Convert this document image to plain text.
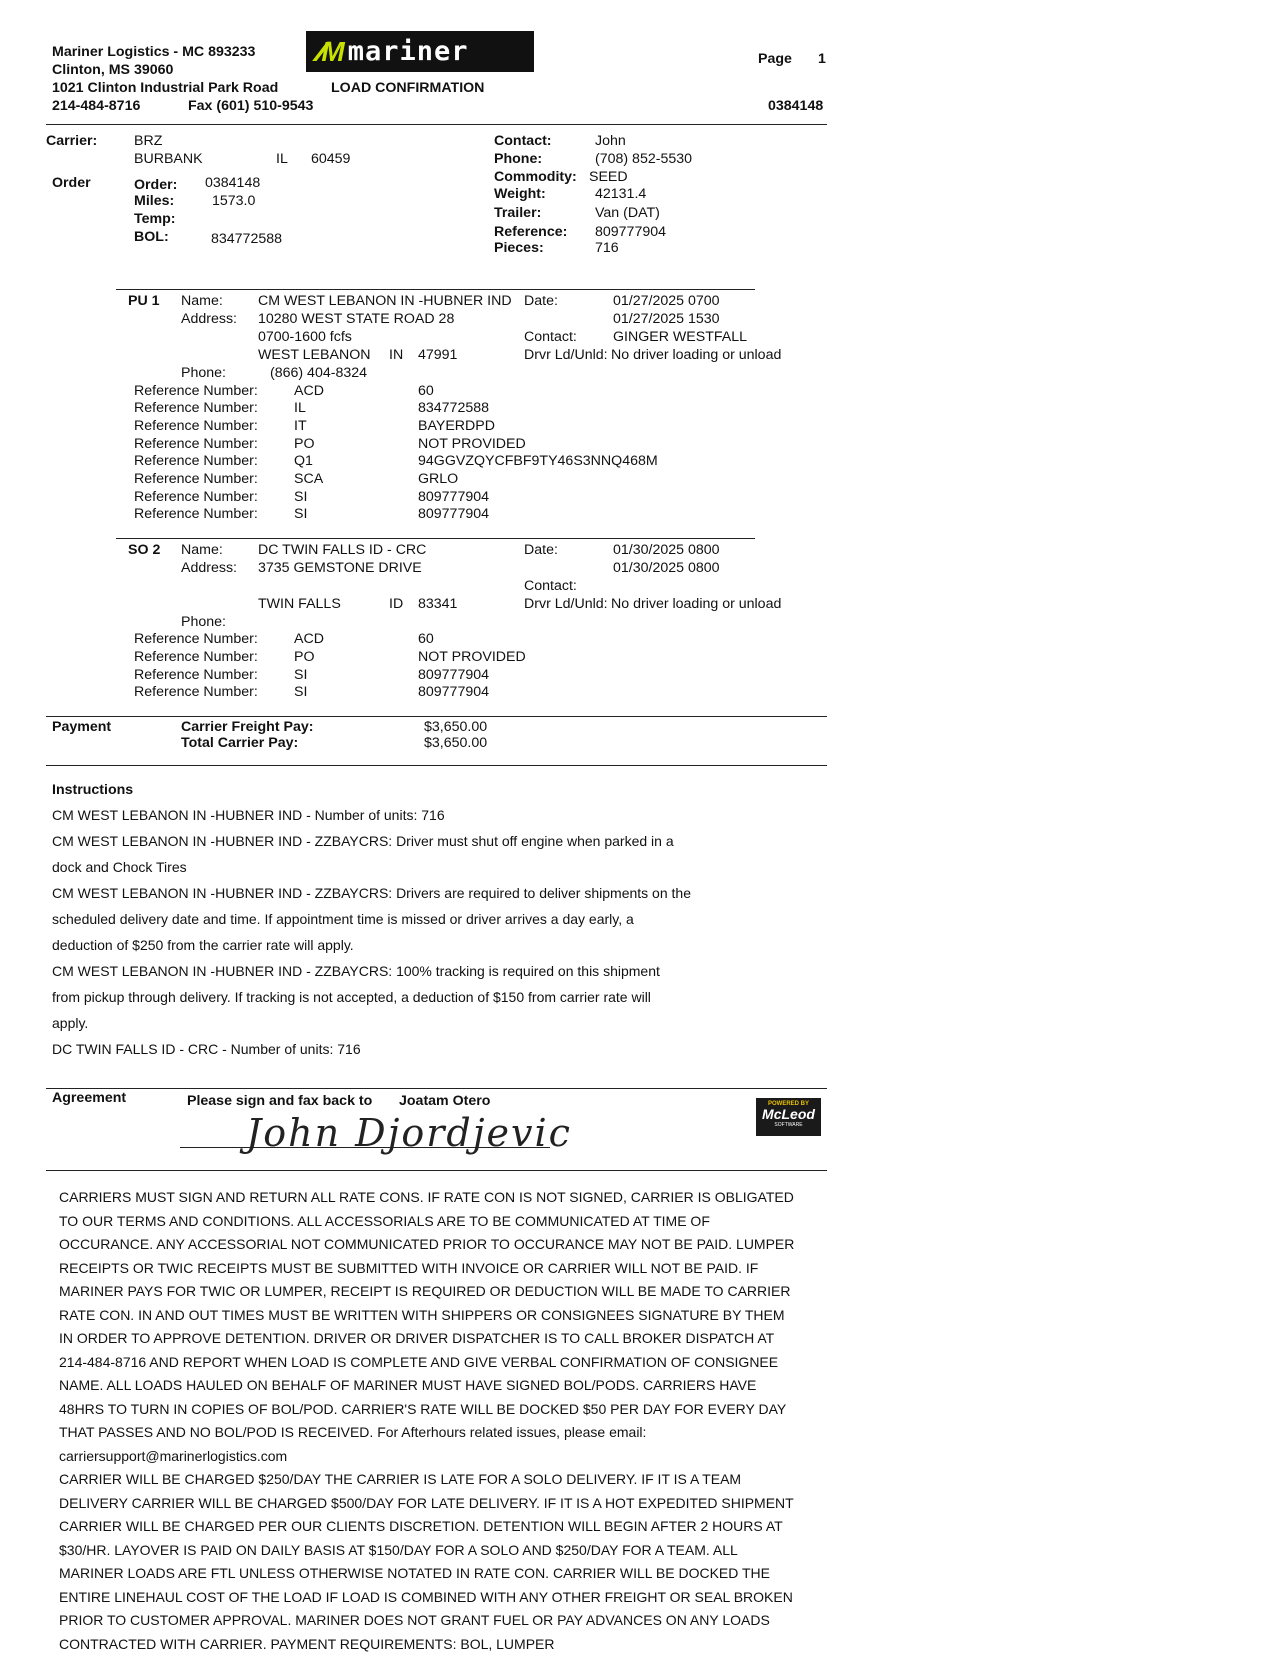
Mariner Logistics - MC 893233
Clinton, MS 39060
1021 Clinton Industrial Park Road
214-484-8716	Fax (601) 510-9543
∕∕M mariner
LOAD CONFIRMATION
Page 1
0384148
Carrier:	BRZ
BURBANK	IL 60459
Order	Order: 0384148
Miles:	1573.0
Temp:
BOL:	834772588
Contact:	John
Phone:	(708) 852-5530
Commodity: SEED
Weight:	42131.4
Trailer:	Van (DAT)
Reference: 809777904
Pieces:	716
PU 1 Name: CM WEST LEBANON IN -HUBNER IND
Address: 10280 WEST STATE ROAD 28
0700-1600 fcfs
WEST LEBANON IN 47991
Phone:	(866) 404-8324
Date:	01/27/2025 0700
01/27/2025 1530
Contact:	GINGER WESTFALL
Drvr Ld/Unld: No driver loading or unload
Reference Number:	ACD	60
Reference Number:	IL	834772588
Reference Number:	IT	BAYERDPD
Reference Number:	PO	NOT PROVIDED
Reference Number:	Q1	94GGVZQYCFBF9TY46S3NNQ468M
Reference Number:	SCA	GRLO
Reference Number:	SI	809777904
Reference Number:	SI	809777904
SO 2 Name: DC TWIN FALLS ID - CRC
Address: 3735 GEMSTONE DRIVE
TWIN FALLS	ID 83341
Phone:
Date:	01/30/2025 0800
01/30/2025 0800
Contact:
Drvr Ld/Unld: No driver loading or unload
Reference Number:	ACD	60
Reference Number:	PO	NOT PROVIDED
Reference Number:	SI	809777904
Reference Number:	SI	809777904
Payment	Carrier Freight Pay:	$3,650.00
Total Carrier Pay:	$3,650.00
Instructions
CM WEST LEBANON IN -HUBNER IND - Number of units: 716
CM WEST LEBANON IN -HUBNER IND - ZZBAYCRS: Driver must shut off engine when parked in a
dock and Chock Tires
CM WEST LEBANON IN -HUBNER IND - ZZBAYCRS: Drivers are required to deliver shipments on the
scheduled delivery date and time. If appointment time is missed or driver arrives a day early, a
deduction of $250 from the carrier rate will apply.
CM WEST LEBANON IN -HUBNER IND - ZZBAYCRS: 100% tracking is required on this shipment
from pickup through delivery. If tracking is not accepted, a deduction of $150 from carrier rate will
apply.
DC TWIN FALLS ID - CRC - Number of units: 716
Agreement	Please sign and fax back to Joatam Otero
John Djordjevic
POWERED BY
McLeod
SOFTWARE

CARRIERS MUST SIGN AND RETURN ALL RATE CONS. IF RATE CON IS NOT SIGNED, CARRIER IS OBLIGATED TO OUR TERMS AND CONDITIONS. ALL ACCESSORIALS ARE TO BE COMMUNICATED AT TIME OF OCCURANCE. ANY ACCESSORIAL NOT COMMUNICATED PRIOR TO OCCURANCE MAY NOT BE PAID. LUMPER RECEIPTS OR TWIC RECEIPTS MUST BE SUBMITTED WITH INVOICE OR CARRIER WILL NOT BE PAID. IF MARINER PAYS FOR TWIC OR LUMPER, RECEIPT IS REQUIRED OR DEDUCTION WILL BE MADE TO CARRIER RATE CON. IN AND OUT TIMES MUST BE WRITTEN WITH SHIPPERS OR CONSIGNEES SIGNATURE BY THEM IN ORDER TO APPROVE DETENTION. DRIVER OR DRIVER DISPATCHER IS TO CALL BROKER DISPATCH AT 214-484-8716 AND REPORT WHEN LOAD IS COMPLETE AND GIVE VERBAL CONFIRMATION OF CONSIGNEE NAME. ALL LOADS HAULED ON BEHALF OF MARINER MUST HAVE SIGNED BOL/PODS. CARRIERS HAVE 48HRS TO TURN IN COPIES OF BOL/POD. CARRIER'S RATE WILL BE DOCKED $50 PER DAY FOR EVERY DAY THAT PASSES AND NO BOL/POD IS RECEIVED. For Afterhours related issues, please email: carriersupport@marinerlogistics.com

CARRIER WILL BE CHARGED $250/DAY THE CARRIER IS LATE FOR A SOLO DELIVERY. IF IT IS A TEAM DELIVERY CARRIER WILL BE CHARGED $500/DAY FOR LATE DELIVERY. IF IT IS A HOT EXPEDITED SHIPMENT CARRIER WILL BE CHARGED PER OUR CLIENTS DISCRETION. DETENTION WILL BEGIN AFTER 2 HOURS AT $30/HR. LAYOVER IS PAID ON DAILY BASIS AT $150/DAY FOR A SOLO AND $250/DAY FOR A TEAM. ALL MARINER LOADS ARE FTL UNLESS OTHERWISE NOTATED IN RATE CON. CARRIER WILL BE DOCKED THE ENTIRE LINEHAUL COST OF THE LOAD IF LOAD IS COMBINED WITH ANY OTHER FREIGHT OR SEAL BROKEN PRIOR TO CUSTOMER APPROVAL. MARINER DOES NOT GRANT FUEL OR PAY ADVANCES ON ANY LOADS CONTRACTED WITH CARRIER. PAYMENT REQUIREMENTS: BOL, LUMPER
